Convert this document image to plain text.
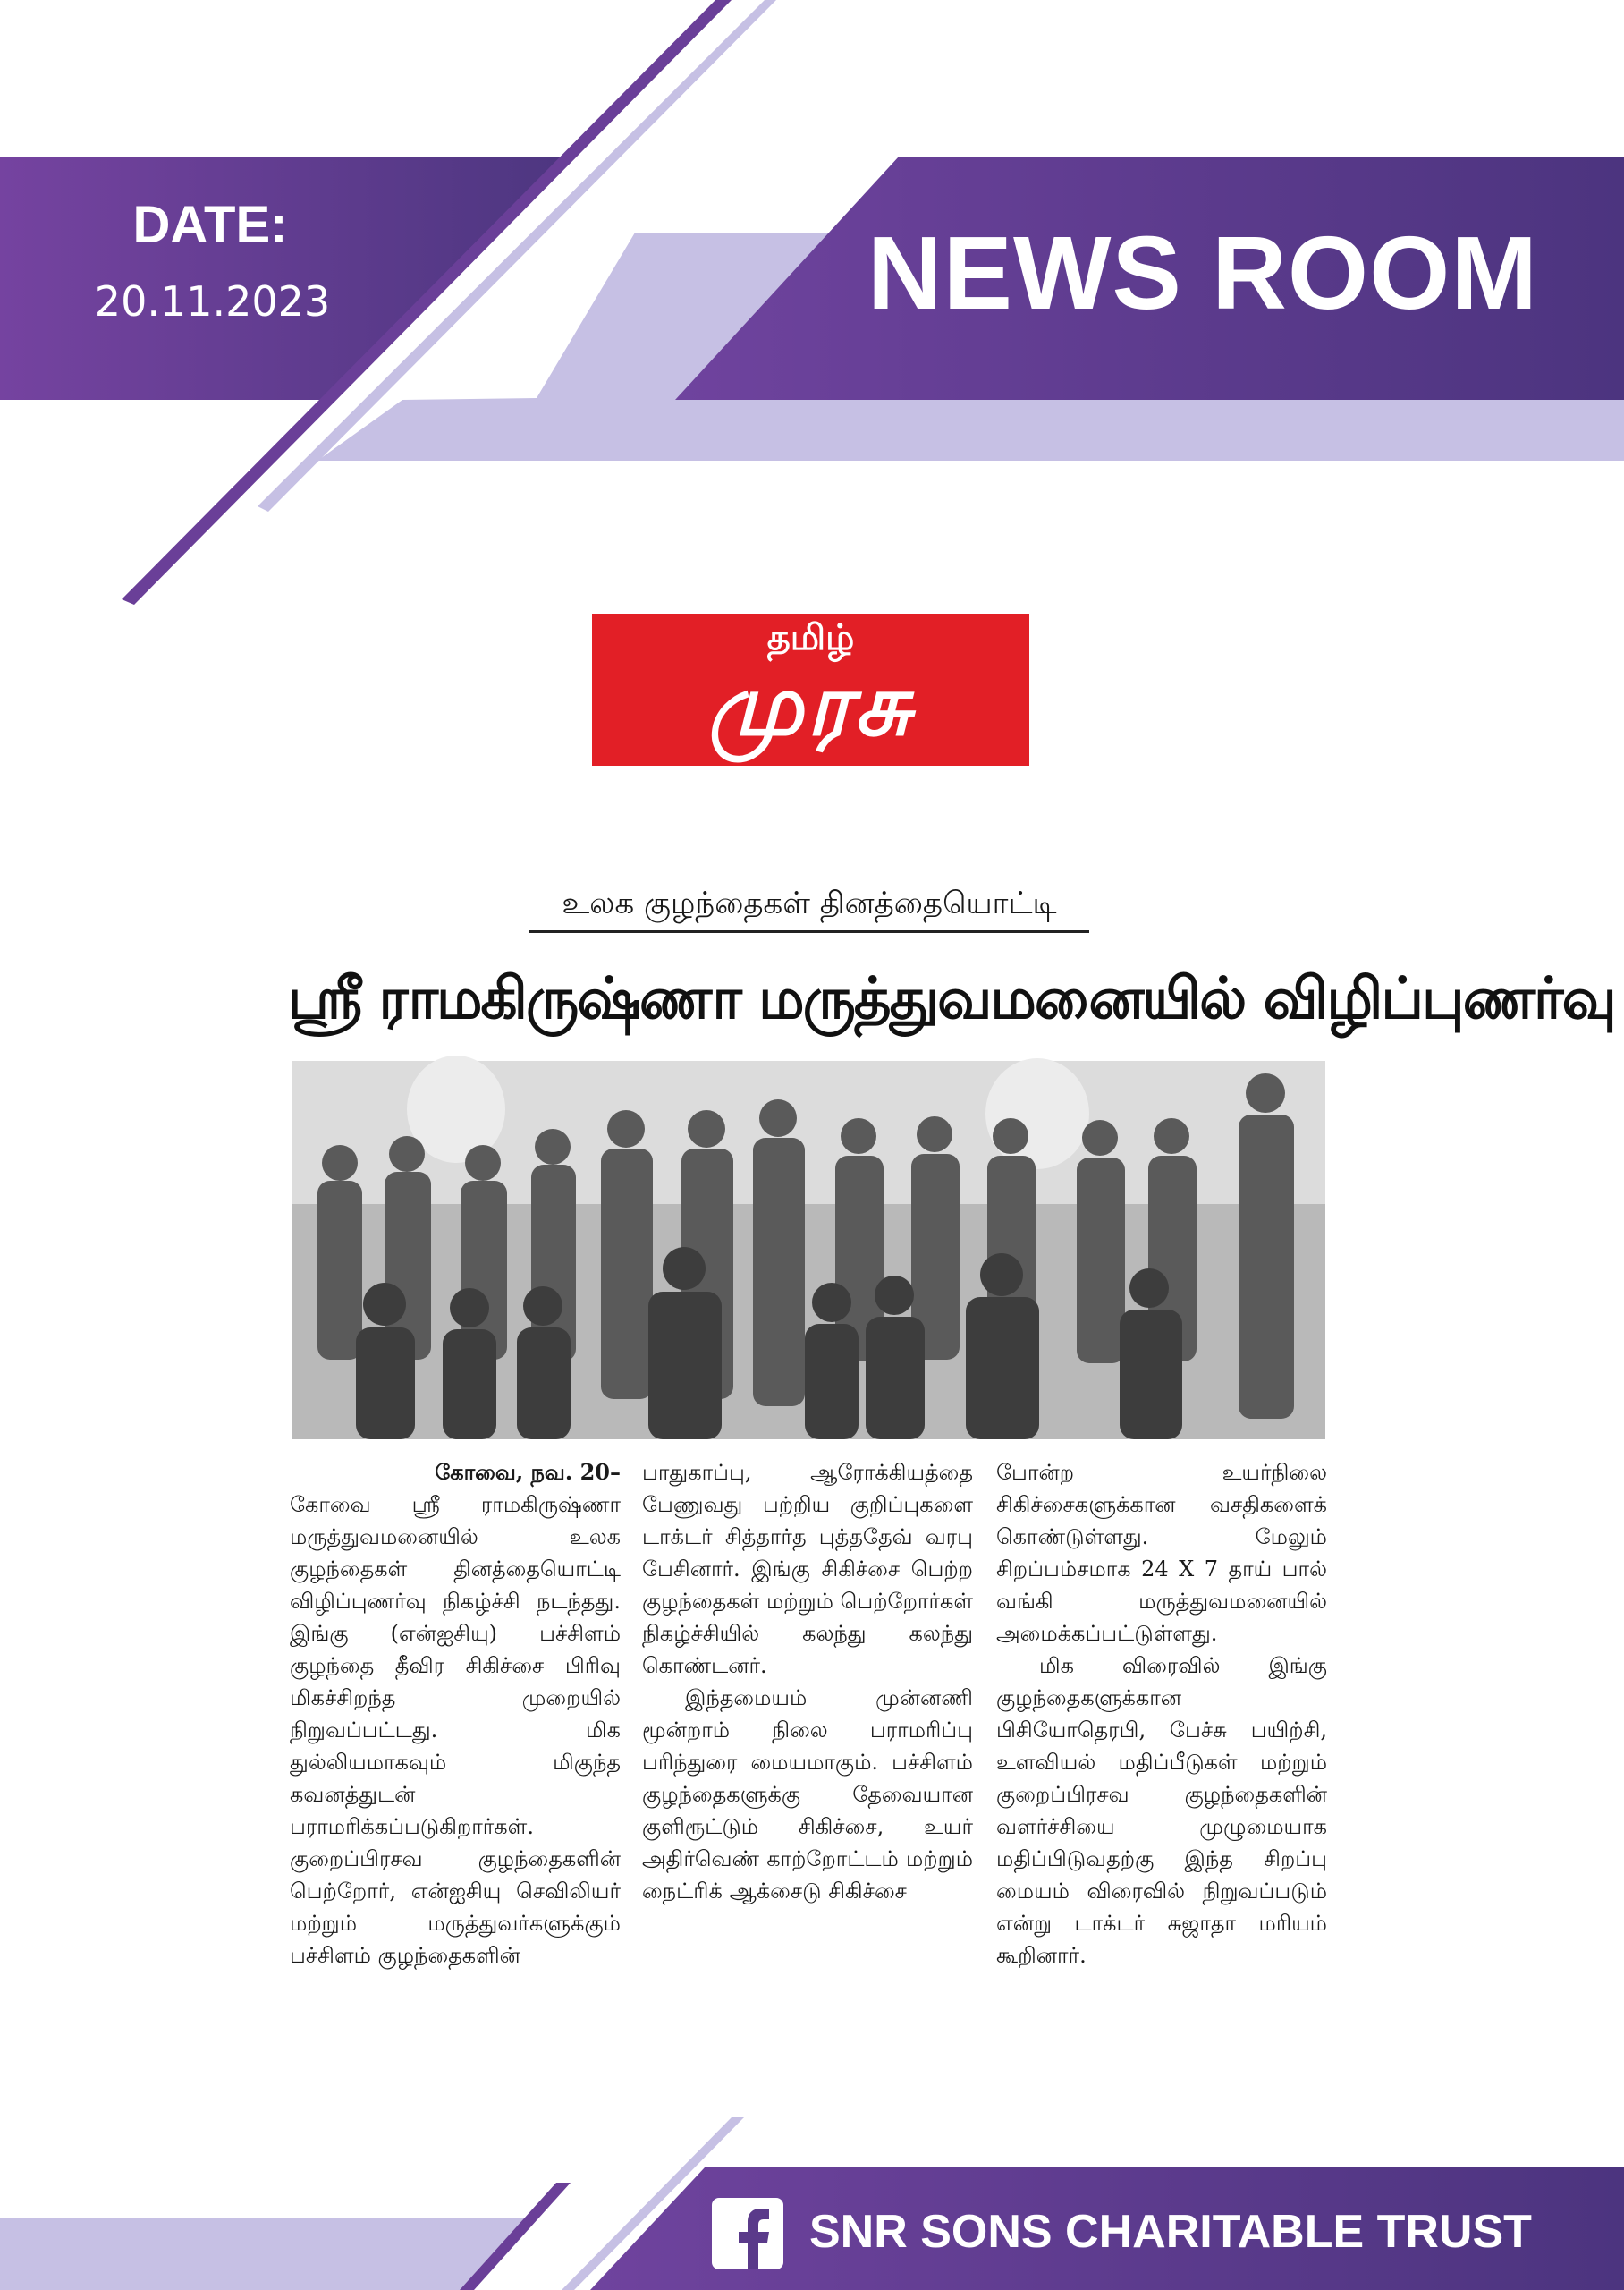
DATE:
20.11.2023	NEWS ROOM
தமிழ்
முரசு
உலக குழந்தைகள் தினத்தையொட்டி
ஸ்ரீ ராமகிருஷ்ணா மருத்துவமனையில் விழிப்புணர்வு

கோவை, நவ. 20–

கோவை ஸ்ரீ ராமகிருஷ்ணா மருத்துவமனையில் உலக குழந்தைகள் தினத்தையொட்டி விழிப்புணர்வு நிகழ்ச்சி நடந்தது. இங்கு (என்ஐசியு) பச்சிளம் குழந்தை தீவிர சிகிச்சை பிரிவு மிகச்சிறந்த முறையில் நிறுவப்பட்டது. மிக துல்லியமாகவும் மிகுந்த கவனத்துடன் பராமரிக்கப்படுகிறார்கள். குறைப்பிரசவ குழந்தைகளின் பெற்றோர், என்ஐசியு செவிலியர் மற்றும் மருத்துவர்களுக்கும் பச்சிளம் குழந்தைகளின்

பாதுகாப்பு, ஆரோக்கியத்தை பேணுவது பற்றிய குறிப்புகளை டாக்டர் சித்தார்த புத்ததேவ் வரபு பேசினார். இங்கு சிகிச்சை பெற்ற குழந்தைகள் மற்றும் பெற்றோர்கள் நிகழ்ச்சியில் கலந்து கலந்து கொண்டனர்.

இந்தமையம் முன்னணி மூன்றாம் நிலை பராமரிப்பு பரிந்துரை மையமாகும். பச்சிளம் குழந்தைகளுக்கு தேவையான குளிரூட்டும் சிகிச்சை, உயர் அதிர்வெண் காற்றோட்டம் மற்றும் நைட்ரிக் ஆக்சைடு சிகிச்சை

போன்ற உயர்நிலை சிகிச்சைகளுக்கான வசதிகளைக் கொண்டுள்ளது. மேலும் சிறப்பம்சமாக 24 X 7 தாய் பால் வங்கி மருத்துவமனையில் அமைக்கப்பட்டுள்ளது.

மிக விரைவில் இங்கு குழந்தைகளுக்கான பிசியோதெரபி, பேச்சு பயிற்சி, உளவியல் மதிப்பீடுகள் மற்றும் குறைப்பிரசவ குழந்தைகளின் வளர்ச்சியை முழுமையாக மதிப்பிடுவதற்கு இந்த சிறப்பு மையம் விரைவில் நிறுவப்படும் என்று டாக்டர் சுஜாதா மரியம் கூறினார்.

SNR SONS CHARITABLE TRUST
